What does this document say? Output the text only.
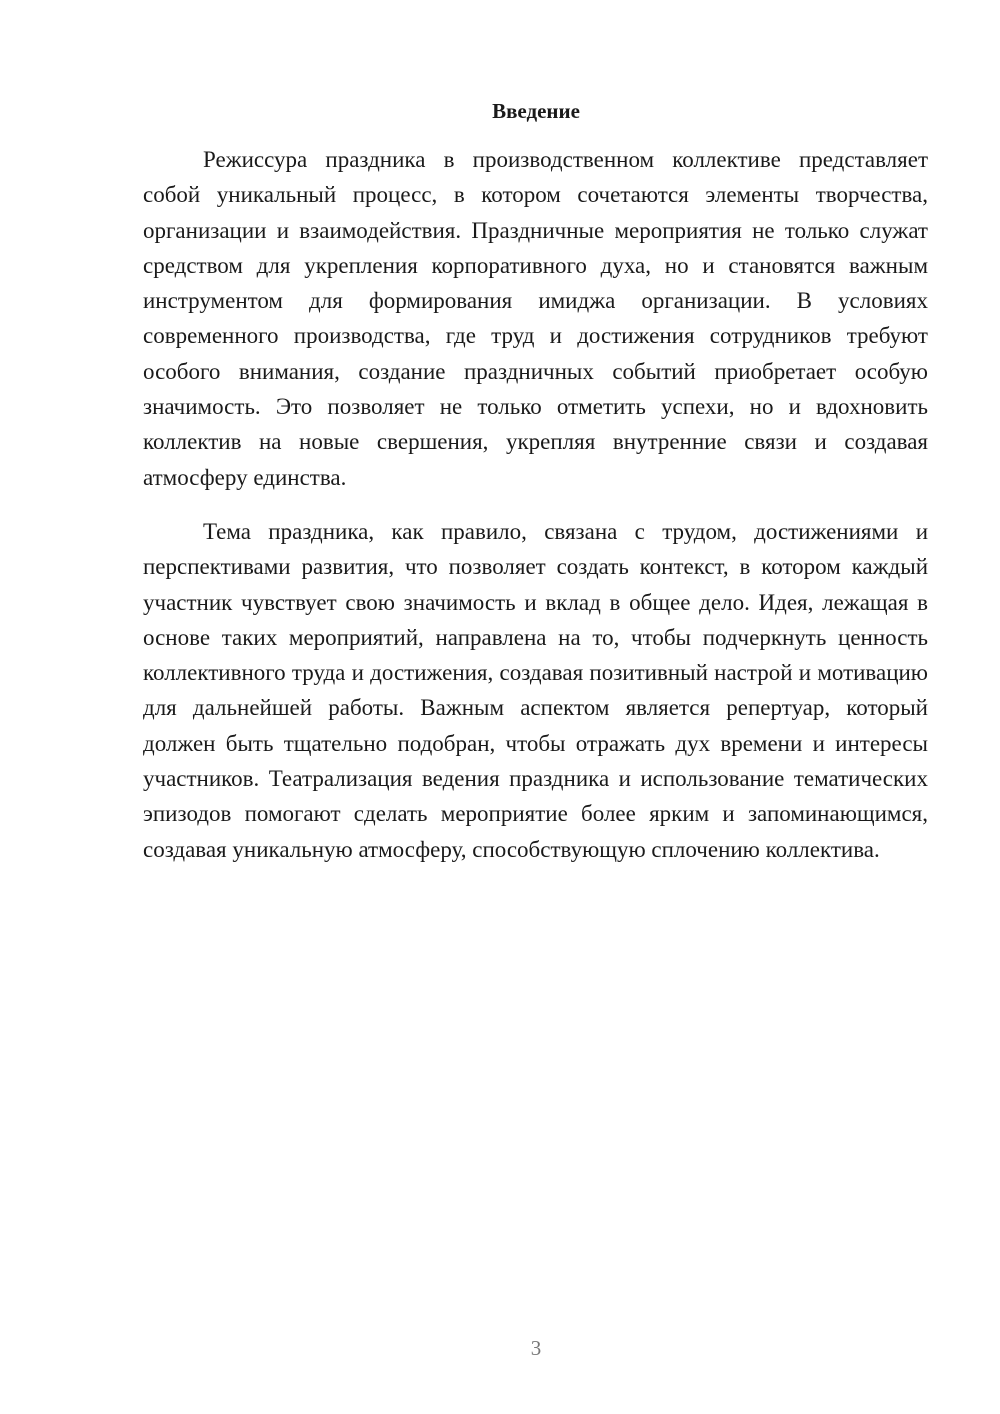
Введение

Режиссура праздника в производственном коллективе представляет собой уникальный процесс, в котором сочетаются элементы творчества, организации и взаимодействия. Праздничные мероприятия не только служат средством для укрепления корпоративного духа, но и становятся важным инструментом для формирования имиджа организации. В условиях современного производства, где труд и достижения сотрудников требуют особого внимания, создание праздничных событий приобретает особую значимость. Это позволяет не только отметить успехи, но и вдохновить коллектив на новые свершения, укрепляя внутренние связи и создавая атмосферу единства.

Тема праздника, как правило, связана с трудом, достижениями и перспективами развития, что позволяет создать контекст, в котором каждый участник чувствует свою значимость и вклад в общее дело. Идея, лежащая в основе таких мероприятий, направлена на то, чтобы подчеркнуть ценность коллективного труда и достижения, создавая позитивный настрой и мотивацию для дальнейшей работы. Важным аспектом является репертуар, который должен быть тщательно подобран, чтобы отражать дух времени и интересы участников. Театрализация ведения праздника и использование тематических эпизодов помогают сделать мероприятие более ярким и запоминающимся, создавая уникальную атмосферу, способствующую сплочению коллектива.

3
